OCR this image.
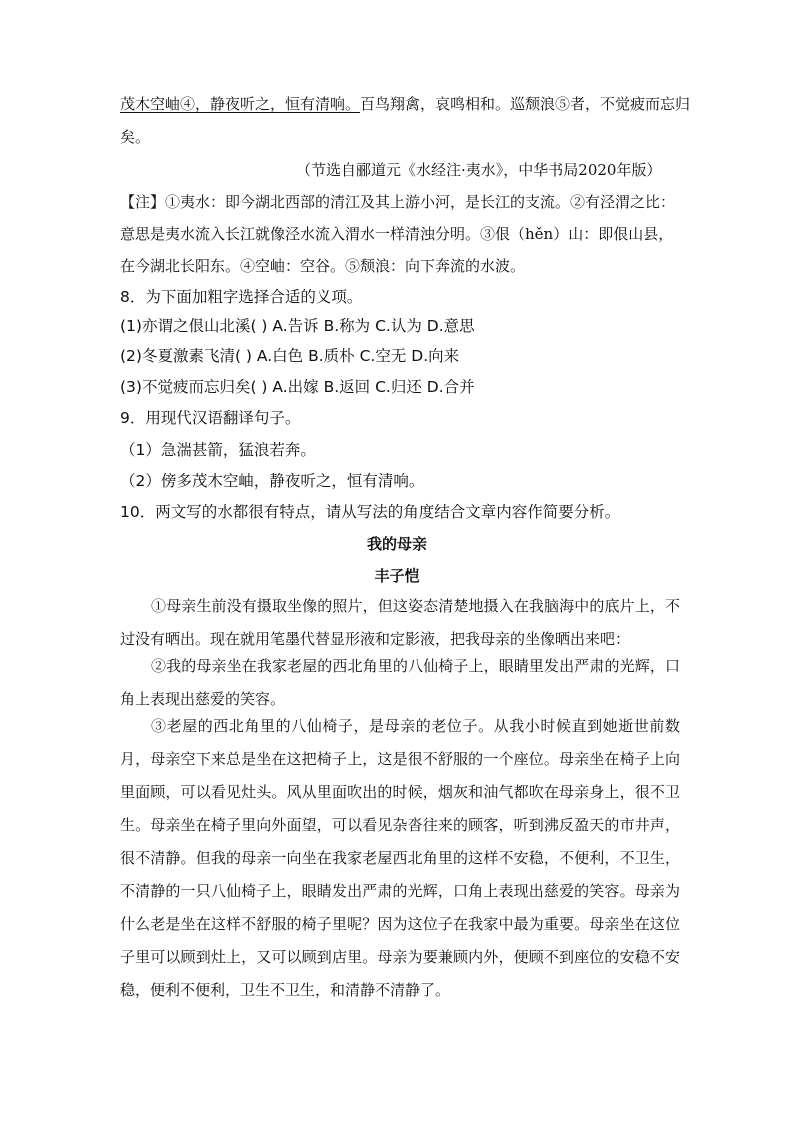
茂木空岫④，静夜听之，恒有清响。百鸟翔禽，哀鸣相和。巡颓浪⑤者，不觉疲而忘归
矣。
（节选自郦道元《水经注·夷水》，中华书局2020年版）
【注】①夷水：即今湖北西部的清江及其上游小河，是长江的支流。②有泾渭之比：
意思是夷水流入长江就像泾水流入渭水一样清浊分明。③佷（hěn）山：即佷山县，
在今湖北长阳东。④空岫：空谷。⑤颓浪：向下奔流的水波。
8．为下面加粗字选择合适的义项。
(1)亦谓之佷山北溪( ) A.告诉 B.称为 C.认为 D.意思
(2)冬夏激素飞清( ) A.白色 B.质朴 C.空无 D.向来
(3)不觉疲而忘归矣( ) A.出嫁 B.返回 C.归还 D.合并
9．用现代汉语翻译句子。
（1）急湍甚箭，猛浪若奔。
（2）傍多茂木空岫，静夜听之，恒有清响。
10．两文写的水都很有特点，请从写法的角度结合文章内容作简要分析。
我的母亲
丰子恺
①母亲生前没有摄取坐像的照片，但这姿态清楚地摄入在我脑海中的底片上，不过没有晒出。现在就用笔墨代替显形液和定影液，把我母亲的坐像晒出来吧：
②我的母亲坐在我家老屋的西北角里的八仙椅子上，眼睛里发出严肃的光辉，口角上表现出慈爱的笑容。
③老屋的西北角里的八仙椅子，是母亲的老位子。从我小时候直到她逝世前数月，母亲空下来总是坐在这把椅子上，这是很不舒服的一个座位。母亲坐在椅子上向里面顾，可以看见灶头。风从里面吹出的时候，烟灰和油气都吹在母亲身上，很不卫生。母亲坐在椅子里向外面望，可以看见杂沓往来的顾客，听到沸反盈天的市井声，很不清静。但我的母亲一向坐在我家老屋西北角里的这样不安稳，不便利，不卫生，不清静的一只八仙椅子上，眼睛发出严肃的光辉，口角上表现出慈爱的笑容。母亲为什么老是坐在这样不舒服的椅子里呢？因为这位子在我家中最为重要。母亲坐在这位子里可以顾到灶上，又可以顾到店里。母亲为要兼顾内外，便顾不到座位的安稳不安稳，便利不便利，卫生不卫生，和清静不清静了。
